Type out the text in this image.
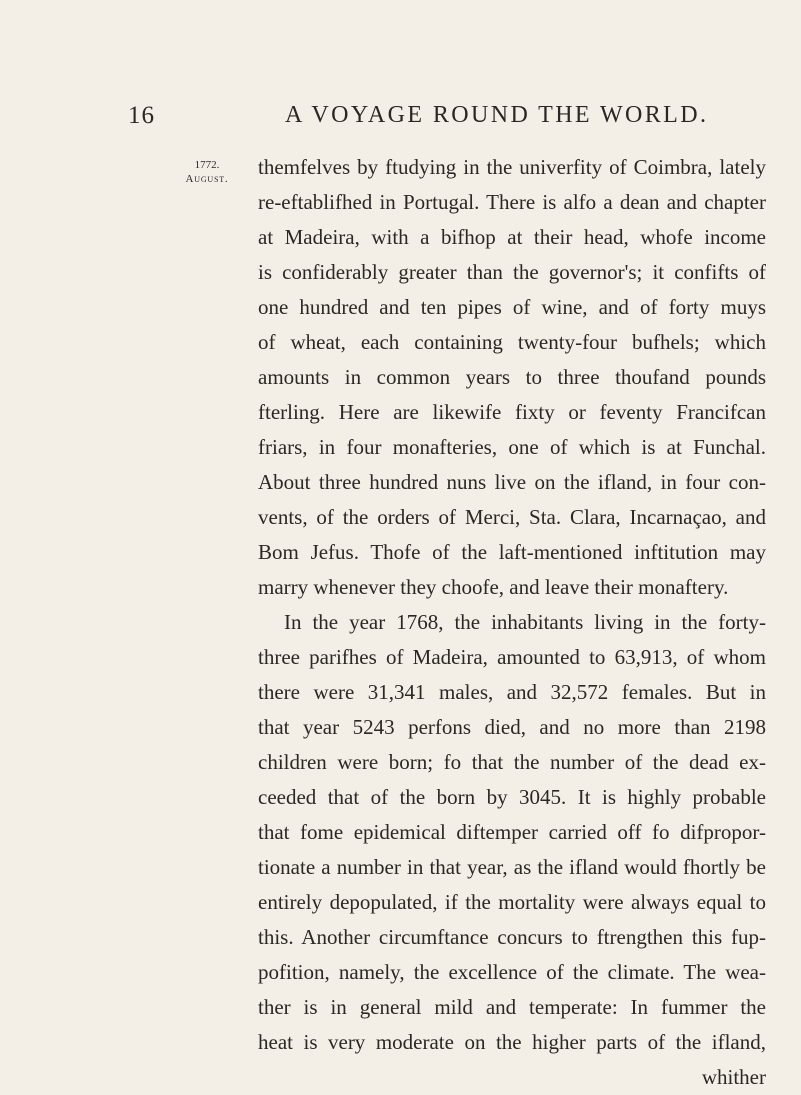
16	A VOYAGE ROUND THE WORLD.
1772.
August.	themfelves by ftudying in the univerfity of Coimbra, lately
re-eftablifhed in Portugal. There is alfo a dean and chapter
at Madeira, with a bifhop at their head, whofe income
is confiderably greater than the governor's; it confifts of
one hundred and ten pipes of wine, and of forty muys
of wheat, each containing twenty-four bufhels; which
amounts in common years to three thoufand pounds
fterling. Here are likewife fixty or feventy Francifcan
friars, in four monafteries, one of which is at Funchal.
About three hundred nuns live on the ifland, in four con-
vents, of the orders of Merci, Sta. Clara, Incarnaçao, and
Bom Jefus. Thofe of the laft-mentioned inftitution may
marry whenever they choofe, and leave their monaftery.
In the year 1768, the inhabitants living in the forty-
three parifhes of Madeira, amounted to 63,913, of whom
there were 31,341 males, and 32,572 females. But in
that year 5243 perfons died, and no more than 2198
children were born; fo that the number of the dead ex-
ceeded that of the born by 3045. It is highly probable
that fome epidemical diftemper carried off fo difpropor-
tionate a number in that year, as the ifland would fhortly be
entirely depopulated, if the mortality were always equal to
this. Another circumftance concurs to ftrengthen this fup-
pofition, namely, the excellence of the climate. The wea-
ther is in general mild and temperate: In fummer the
heat is very moderate on the higher parts of the ifland,
whither
